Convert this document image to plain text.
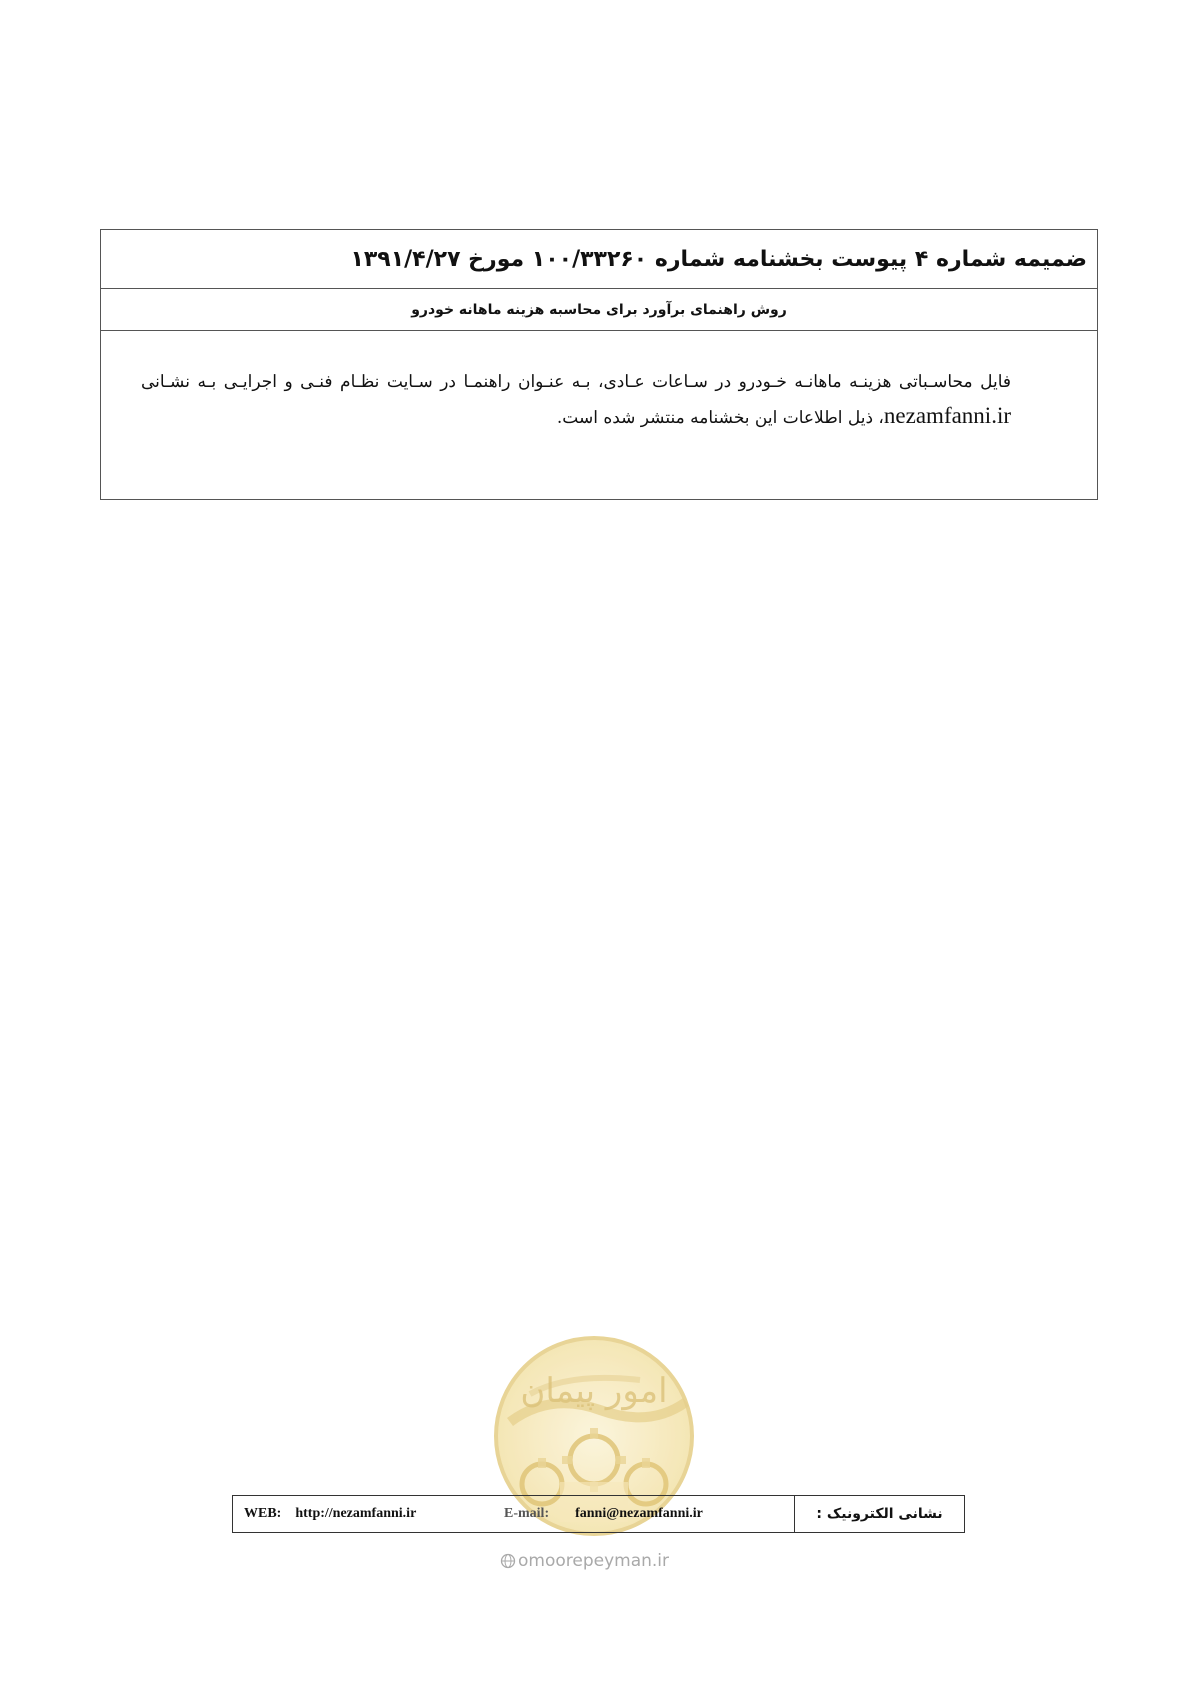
ضمیمه شماره ۴ پیوست بخشنامه شماره ۱۰۰/۳۳۲۶۰ مورخ ۱۳۹۱/۴/۲۷
روش راهنمای برآورد برای محاسبه هزینه ماهانه خودرو
فایل محاسـباتی هزینـه ماهانـه خـودرو در سـاعات عـادی، بـه عنـوان راهنمـا در سـایت نظـام فنـی و اجرایـی بـه نشـانی nezamfanni.ir، ذیل اطلاعات این بخشنامه منتشر شده است.
امور پیمان
WEB: http://nezamfanni.ir	E-mail: fanni@nezamfanni.ir	نشانی الکترونیک :
omoorepeyman.ir
